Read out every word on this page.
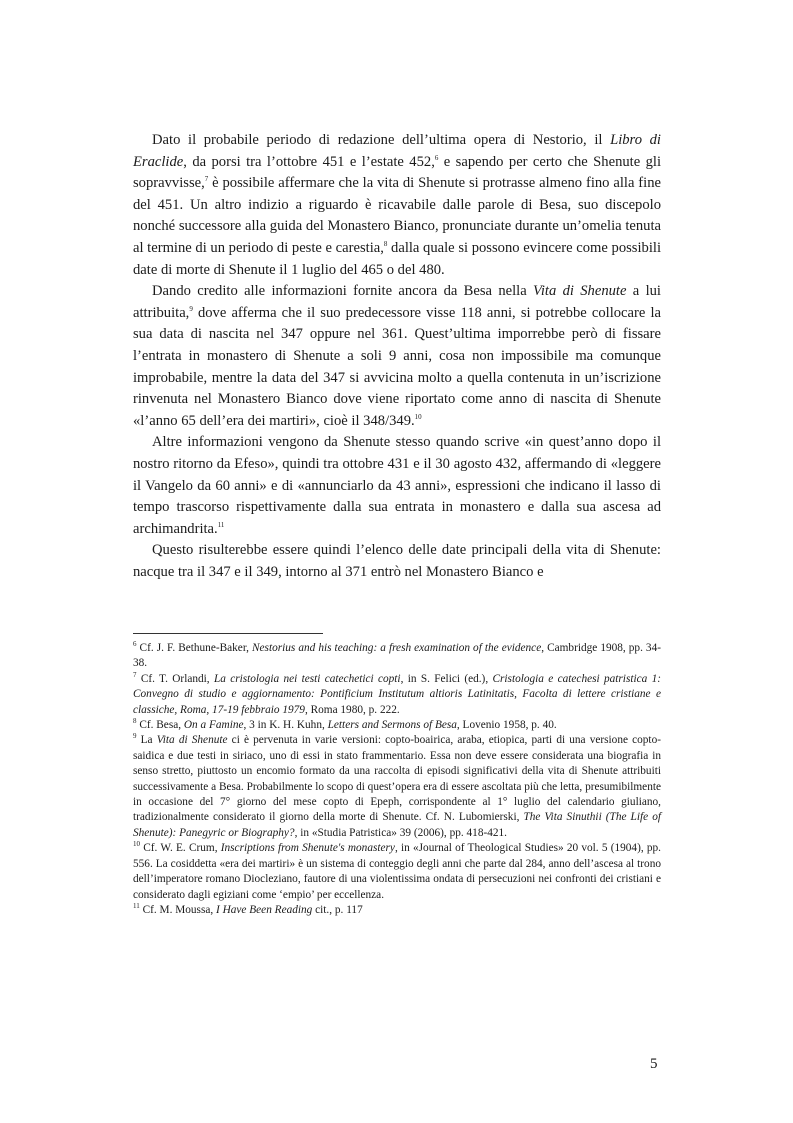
Dato il probabile periodo di redazione dell’ultima opera di Nestorio, il Libro di Eraclide, da porsi tra l’ottobre 451 e l’estate 452,$^6$ e sapendo per certo che Shenute gli sopravvisse,$^7$ è possibile affermare che la vita di Shenute si protrasse almeno fino alla fine del 451. Un altro indizio a riguardo è ricavabile dalle parole di Besa, suo discepolo nonché successore alla guida del Monastero Bianco, pronunciate durante un’omelia tenuta al termine di un periodo di peste e carestia,$^8$ dalla quale si possono evincere come possibili date di morte di Shenute il 1 luglio del 465 o del 480.

Dando credito alle informazioni fornite ancora da Besa nella Vita di Shenute a lui attribuita,$^9$ dove afferma che il suo predecessore visse 118 anni, si potrebbe collocare la sua data di nascita nel 347 oppure nel 361. Quest’ultima imporrebbe però di fissare l’entrata in monastero di Shenute a soli 9 anni, cosa non impossibile ma comunque improbabile, mentre la data del 347 si avvicina molto a quella contenuta in un’iscrizione rinvenuta nel Monastero Bianco dove viene riportato come anno di nascita di Shenute «l’anno 65 dell’era dei martiri», cioè il 348/349.10

Altre informazioni vengono da Shenute stesso quando scrive «in quest’anno dopo il nostro ritorno da Efeso», quindi tra ottobre 431 e il 30 agosto 432, affermando di «leggere il Vangelo da 60 anni» e di «annunciarlo da 43 anni», espressioni che indicano il lasso di tempo trascorso rispettivamente dalla sua entrata in monastero e dalla sua ascesa ad archimandrita.$^{11}$

Questo risulterebbe essere quindi l’elenco delle date principali della vita di Shenute: nacque tra il 347 e il 349, intorno al 371 entrò nel Monastero Bianco e

$^6$ Cf. J. F. Bethune-Baker, Nestorius and his teaching: a fresh examination of the evidence, Cambridge 1908, pp. 34-38.

$^7$ Cf. T. Orlandi, La cristologia nei testi catechetici copti, in S. Felici (ed.), Cristologia e catechesi patristica 1: Convegno di studio e aggiornamento: Pontificium Institutum altioris Latinitatis, Facolta di lettere cristiane e classiche, Roma, 17-19 febbraio 1979, Roma 1980, p. 222.

$^8$ Cf. Besa, On a Famine, 3 in K. H. Kuhn, Letters and Sermons of Besa, Lovenio 1958, p. 40.

$^9$ La Vita di Shenute ci è pervenuta in varie versioni: copto-boairica, araba, etiopica, parti di una versione copto-saidica e due testi in siriaco, uno di essi in stato frammentario. Essa non deve essere considerata una biografia in senso stretto, piuttosto un encomio formato da una raccolta di episodi significativi della vita di Shenute attribuiti successivamente a Besa. Probabilmente lo scopo di quest’opera era di essere ascoltata più che letta, presumibilmente in occasione del 7° giorno del mese copto di Epeph, corrispondente al 1° luglio del calendario giuliano, tradizionalmente considerato il giorno della morte di Shenute. Cf. N. Lubomierski, The Vita Sinuthii (The Life of Shenute): Panegyric or Biography?, in «Studia Patristica» 39 (2006), pp. 418-421.

$^{10}$ Cf. W. E. Crum, Inscriptions from Shenute's monastery, in «Journal of Theological Studies» 20 vol. 5 (1904), pp. 556. La cosiddetta «era dei martiri» è un sistema di conteggio degli anni che parte dal 284, anno dell’ascesa al trono dell’imperatore romano Diocleziano, fautore di una violentissima ondata di persecuzioni nei confronti dei cristiani e considerato dagli egiziani come ‘empio’ per eccellenza.

$^{11}$ Cf. M. Moussa, I Have Been Reading cit., p. 117

5
